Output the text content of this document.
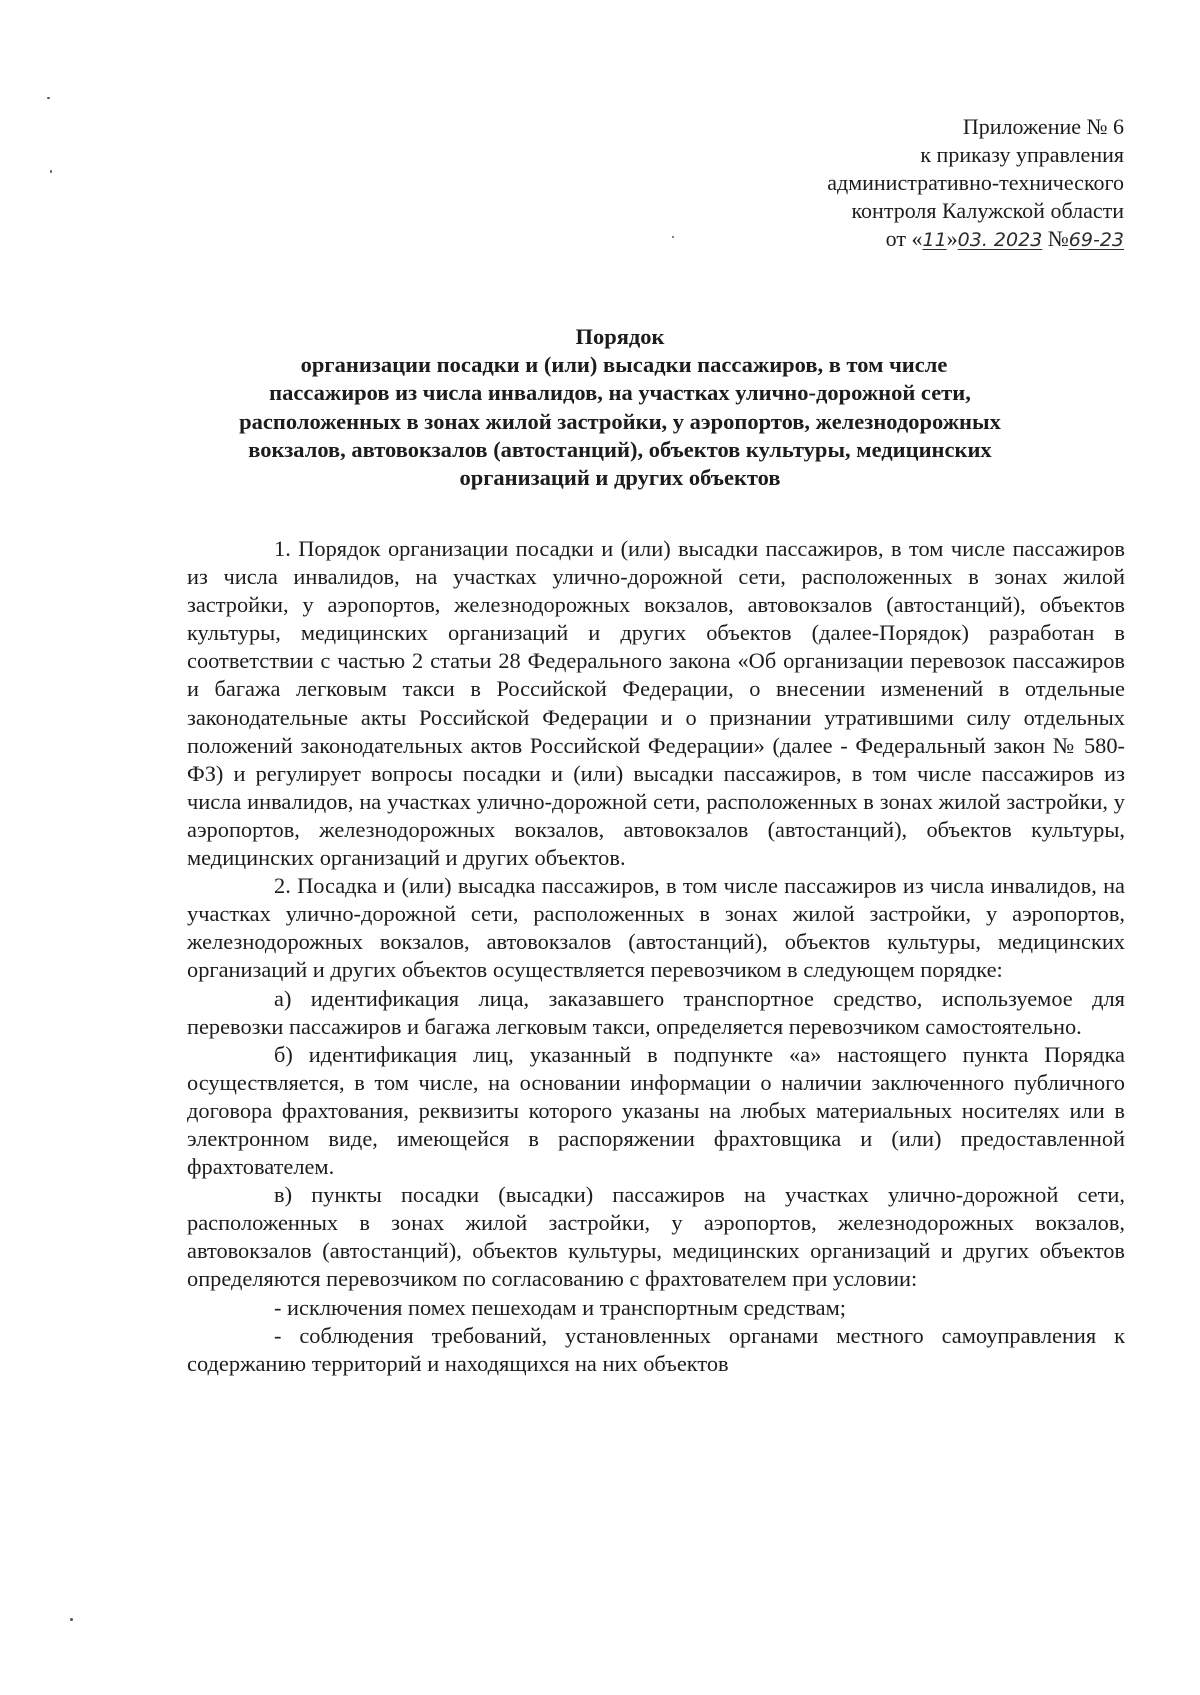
Приложение № 6
к приказу управления
административно-технического
контроля Калужской области
от «11»03. 2023 №69-23
Порядок
организации посадки и (или) высадки пассажиров, в том числе
пассажиров из числа инвалидов, на участках улично-дорожной сети,
расположенных в зонах жилой застройки, у аэропортов, железнодорожных
вокзалов, автовокзалов (автостанций), объектов культуры, медицинских
организаций и других объектов

1. Порядок организации посадки и (или) высадки пассажиров, в том числе пассажиров из числа инвалидов, на участках улично-дорожной сети, расположенных в зонах жилой застройки, у аэропортов, железнодорожных вокзалов, автовокзалов (автостанций), объектов культуры, медицинских организаций и других объектов (далее-Порядок) разработан в соответствии с частью 2 статьи 28 Федерального закона «Об организации перевозок пассажиров и багажа легковым такси в Российской Федерации, о внесении изменений в отдельные законодательные акты Российской Федерации и о признании утратившими силу отдельных положений законодательных актов Российской Федерации» (далее - Федеральный закон № 580-ФЗ) и регулирует вопросы посадки и (или) высадки пассажиров, в том числе пассажиров из числа инвалидов, на участках улично-дорожной сети, расположенных в зонах жилой застройки, у аэропортов, железнодорожных вокзалов, автовокзалов (автостанций), объектов культуры, медицинских организаций и других объектов.

2. Посадка и (или) высадка пассажиров, в том числе пассажиров из числа инвалидов, на участках улично-дорожной сети, расположенных в зонах жилой застройки, у аэропортов, железнодорожных вокзалов, автовокзалов (автостанций), объектов культуры, медицинских организаций и других объектов осуществляется перевозчиком в следующем порядке:

а) идентификация лица, заказавшего транспортное средство, используемое для перевозки пассажиров и багажа легковым такси, определяется перевозчиком самостоятельно.

б) идентификация лиц, указанный в подпункте «а» настоящего пункта Порядка осуществляется, в том числе, на основании информации о наличии заключенного публичного договора фрахтования, реквизиты которого указаны на любых материальных носителях или в электронном виде, имеющейся в распоряжении фрахтовщика и (или) предоставленной фрахтователем.

в) пункты посадки (высадки) пассажиров на участках улично-дорожной сети, расположенных в зонах жилой застройки, у аэропортов, железнодорожных вокзалов, автовокзалов (автостанций), объектов культуры, медицинских организаций и других объектов определяются перевозчиком по согласованию с фрахтователем при условии:

- исключения помех пешеходам и транспортным средствам;

- соблюдения требований, установленных органами местного самоуправления к содержанию территорий и находящихся на них объектов
